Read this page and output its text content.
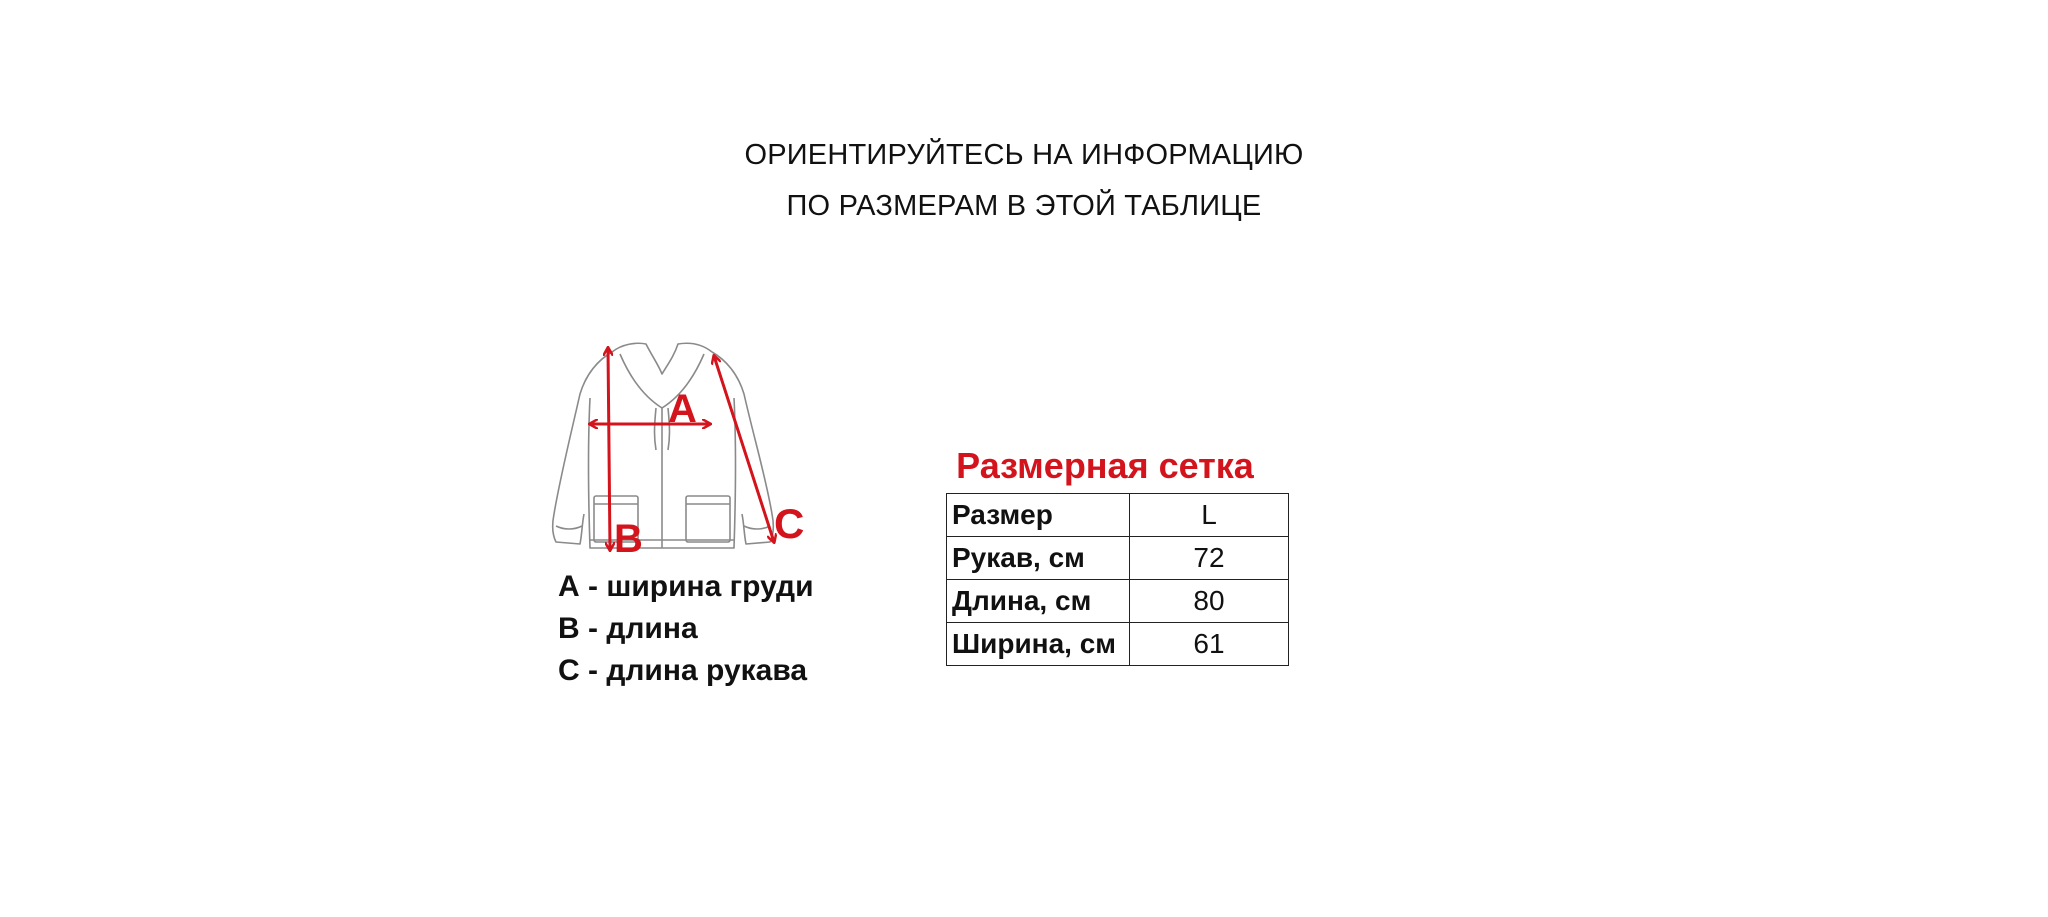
ОРИЕНТИРУЙТЕСЬ НА ИНФОРМАЦИЮ
ПО РАЗМЕРАМ В ЭТОЙ ТАБЛИЦЕ
A
B	C
А - ширина груди
В - длина
С - длина рукава
Размерная сетка
Размер	L
Рукав, см	72
Длина, см	80
Ширина, см	61
